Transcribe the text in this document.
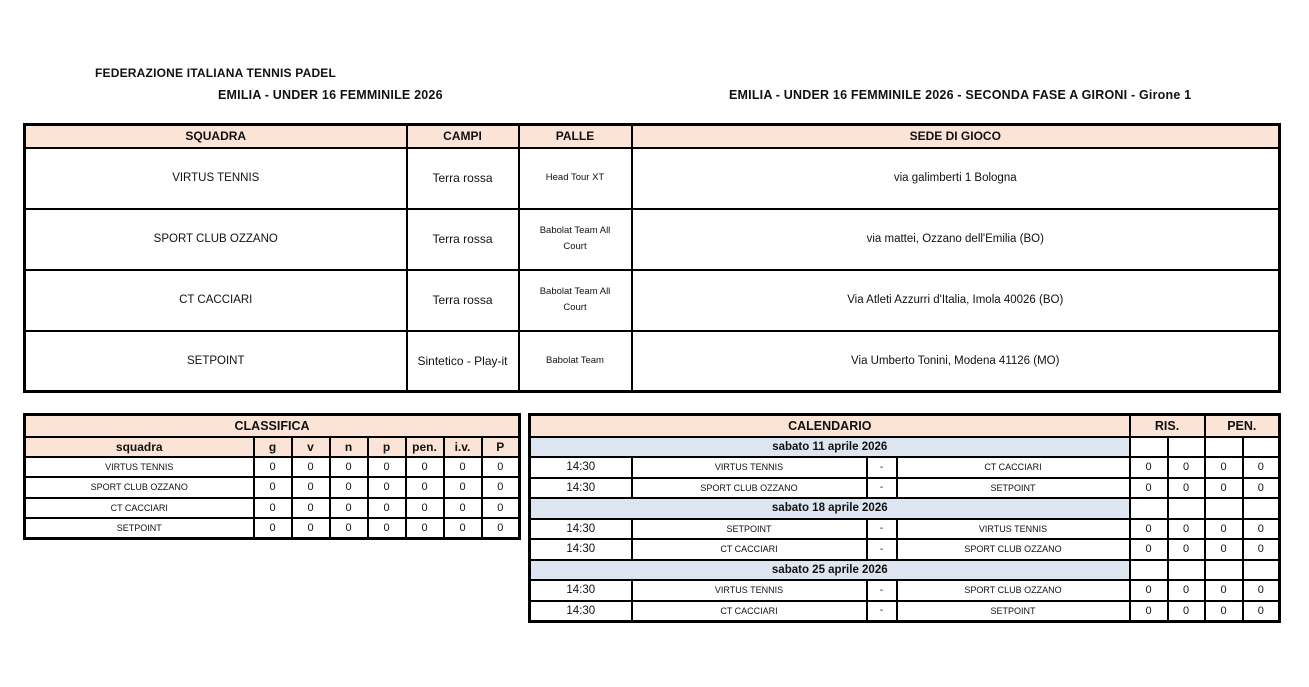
FEDERAZIONE ITALIANA TENNIS PADEL
EMILIA - UNDER 16 FEMMINILE 2026	EMILIA - UNDER 16 FEMMINILE 2026 - SECONDA FASE A GIRONI - Girone 1
SQUADRA	CAMPI	PALLE	SEDE DI GIOCO
VIRTUS TENNIS	Terra rossa	Head Tour XT	via galimberti 1 Bologna
SPORT CLUB OZZANO	Terra rossa	Babolat Team All Court	via mattei, Ozzano dell'Emilia (BO)
CT CACCIARI	Terra rossa	Babolat Team All Court	Via Atleti Azzurri d'Italia, Imola 40026 (BO)
SETPOINT	Sintetico - Play-it	Babolat Team	Via Umberto Tonini, Modena 41126 (MO)
CLASSIFICA							
squadra	g	v	n	p	pen.	i.v.	P
VIRTUS TENNIS	0	0	0	0	0	0	0
SPORT CLUB OZZANO	0	0	0	0	0	0	0
CT CACCIARI	0	0	0	0	0	0	0
SETPOINT	0	0	0	0	0	0	0
CALENDARIO				RIS.		PEN.	
sabato 11 aprile 2026							
14:30	VIRTUS TENNIS	-	CT CACCIARI	0	0	0	0
14:30	SPORT CLUB OZZANO	-	SETPOINT	0	0	0	0
sabato 18 aprile 2026							
14:30	SETPOINT	-	VIRTUS TENNIS	0	0	0	0
14:30	CT CACCIARI	-	SPORT CLUB OZZANO	0	0	0	0
sabato 25 aprile 2026							
14:30	VIRTUS TENNIS	-	SPORT CLUB OZZANO	0	0	0	0
14:30	CT CACCIARI	-	SETPOINT	0	0	0	0
